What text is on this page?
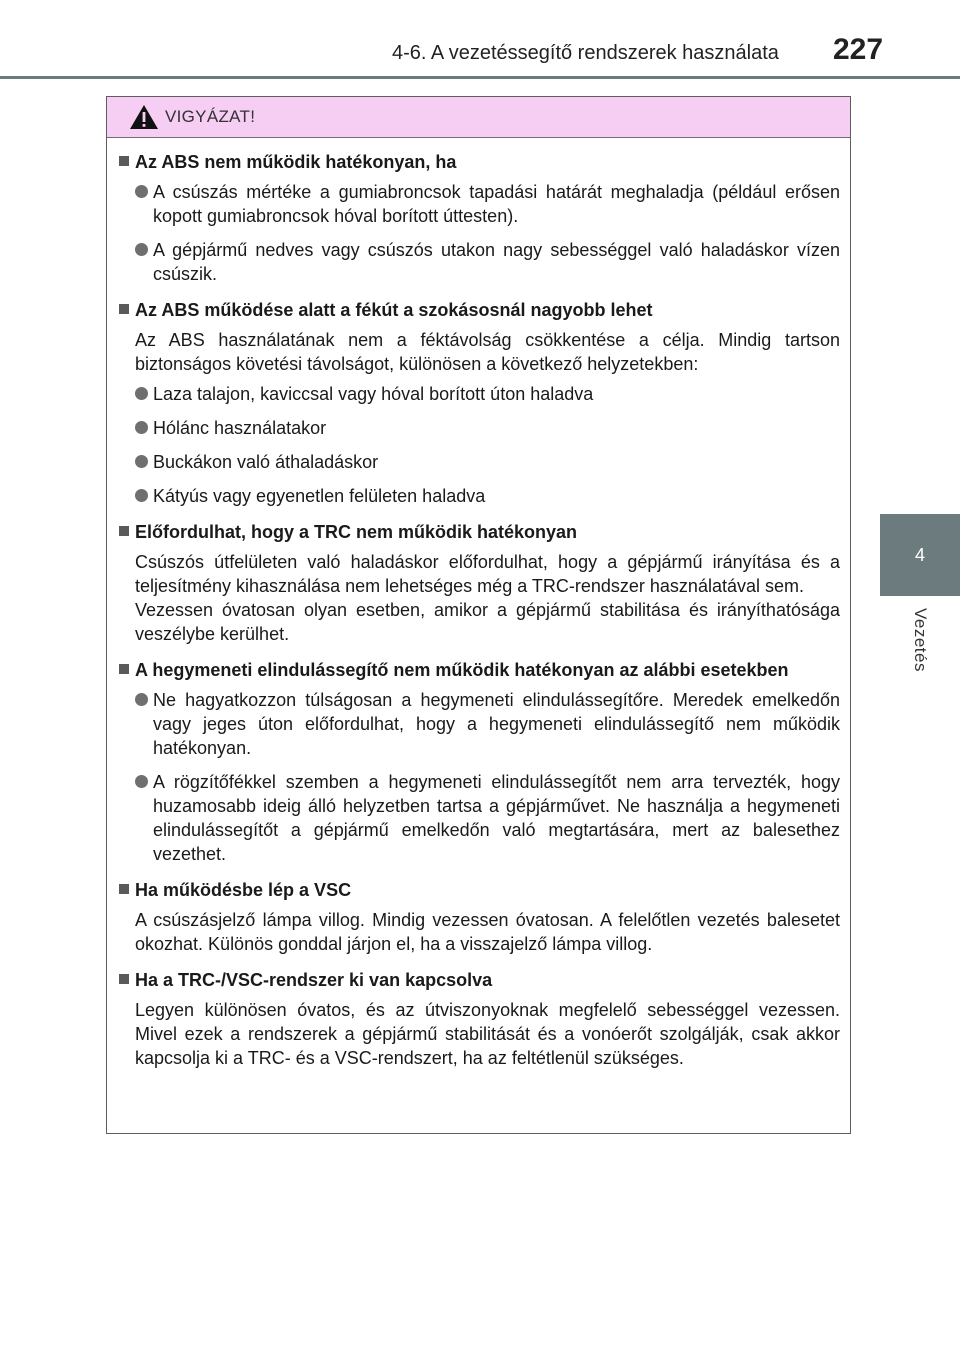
4-6. A vezetéssegítő rendszerek használata 227
4
Vezetés
VIGYÁZAT!
Az ABS nem működik hatékonyan, ha
A csúszás mértéke a gumiabroncsok tapadási határát meghaladja (például erősen kopott gumiabroncsok hóval borított úttesten).
A gépjármű nedves vagy csúszós utakon nagy sebességgel való haladáskor vízen csúszik.
Az ABS működése alatt a fékút a szokásosnál nagyobb lehet
Az ABS használatának nem a féktávolság csökkentése a célja. Mindig tartson biztonságos követési távolságot, különösen a következő helyzetekben:
Laza talajon, kaviccsal vagy hóval borított úton haladva
Hólánc használatakor
Buckákon való áthaladáskor
Kátyús vagy egyenetlen felületen haladva
Előfordulhat, hogy a TRC nem működik hatékonyan
Csúszós útfelületen való haladáskor előfordulhat, hogy a gépjármű irányítása és a teljesítmény kihasználása nem lehetséges még a TRC-rendszer használatával sem.
Vezessen óvatosan olyan esetben, amikor a gépjármű stabilitása és irányíthatósága veszélybe kerülhet.
A hegymeneti elindulássegítő nem működik hatékonyan az alábbi esetekben
Ne hagyatkozzon túlságosan a hegymeneti elindulássegítőre. Meredek emelkedőn vagy jeges úton előfordulhat, hogy a hegymeneti elindulássegítő nem működik hatékonyan.
A rögzítőfékkel szemben a hegymeneti elindulássegítőt nem arra tervezték, hogy huzamosabb ideig álló helyzetben tartsa a gépjárművet. Ne használja a hegymeneti elindulássegítőt a gépjármű emelkedőn való megtartására, mert az balesethez vezethet.
Ha működésbe lép a VSC
A csúszásjelző lámpa villog. Mindig vezessen óvatosan. A felelőtlen vezetés balesetet okozhat. Különös gonddal járjon el, ha a visszajelző lámpa villog.
Ha a TRC-/VSC-rendszer ki van kapcsolva
Legyen különösen óvatos, és az útviszonyoknak megfelelő sebességgel vezessen. Mivel ezek a rendszerek a gépjármű stabilitását és a vonóerőt szolgálják, csak akkor kapcsolja ki a TRC- és a VSC-rendszert, ha az feltétlenül szükséges.
